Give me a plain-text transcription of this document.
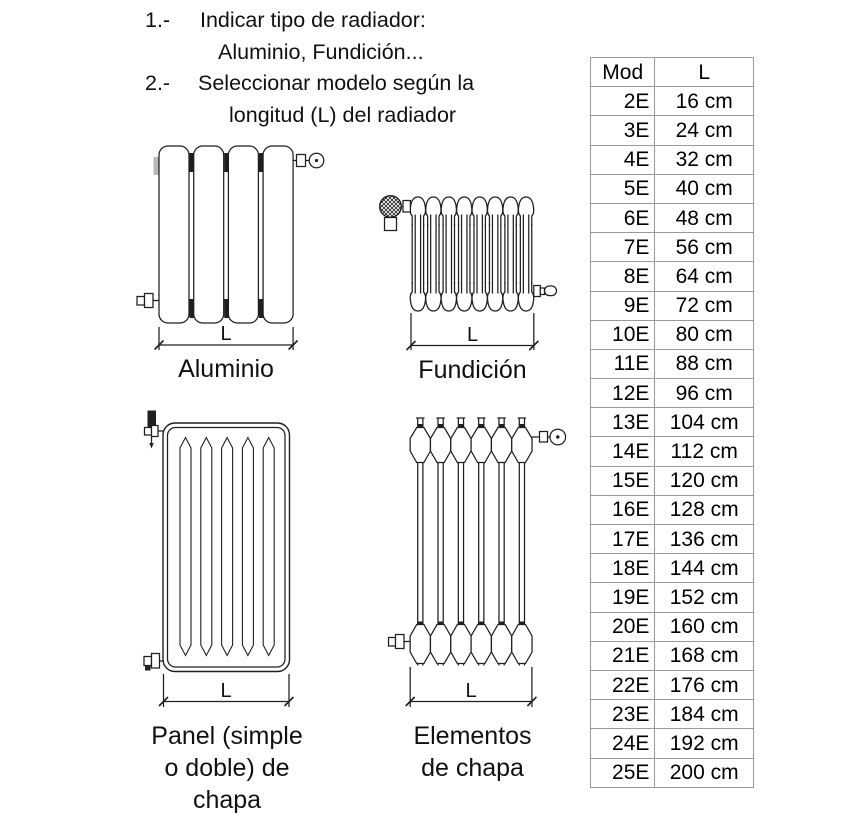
1.- Indicar tipo de radiador:
Aluminio, Fundición...
2.- Seleccionar modelo según la
longitud (L) del radiador
L	L
L	L
Aluminio	Fundición
Panel (simple
o doble) de
chapa
Elementos
de chapa
Mod	L
2E	16 cm
3E	24 cm
4E	32 cm
5E	40 cm
6E	48 cm
7E	56 cm
8E	64 cm
9E	72 cm
10E	80 cm
11E	88 cm
12E	96 cm
13E	104 cm
14E	112 cm
15E	120 cm
16E	128 cm
17E	136 cm
18E	144 cm
19E	152 cm
20E	160 cm
21E	168 cm
22E	176 cm
23E	184 cm
24E	192 cm
25E	200 cm
